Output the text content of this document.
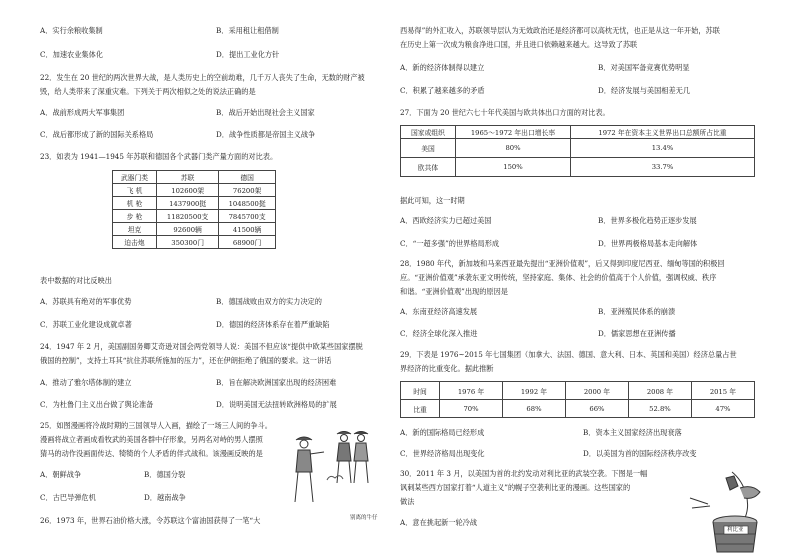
A．实行余粮收集制	B．采用租让租借制
C．加速农业集体化	D．提出工业化方针
22．发生在 20 世纪的两次世界大战，是人类历史上的空前劫难，几千万人丧失了生命，无数的财产被
毁，给人类带来了深重灾难。下列关于两次相似之处的说法正确的是
A．战前形成两大军事集团	B．战后开始出现社会主义国家
C．战后都形成了新的国际关系格局	D．战争性质都是帝国主义战争
23．如表为 1941—1945 年苏联和德国各个武器门类产量方面的对比表。
武器门类	苏联	德国
飞 机	102600架	76200架
机 枪	1437900挺	1048500挺
步 枪	11820500支	7845700支
坦克	92600辆	41500辆
迫击炮	350300门	68900门
表中数据的对比反映出
A．苏联具有绝对的军事优势	B．德国战败由双方的实力决定的
C．苏联工业化建设成就卓著	D．德国的经济体系存在着严重缺陷
24．1947 年 2 月，美国副国务卿艾奇逊对国会两党领导人说：美国不但应该“提供中欧某些国家摆脱
俄国的控制”，支持土耳其“抗住苏联所施加的压力”，还在伊朗拒绝了俄国的要求。这一讲话
A．推动了雅尔塔体制的建立	B．旨在解决欧洲国家出现的经济困难
C．为杜鲁门主义出台做了舆论准备	D．说明美国无法扭转欧洲格局的扩展
25．如图漫画将冷战时期的三国领导人入画，描绘了一场三人间的争斗。
漫画将战立者画成看牧武的美国各群中仔形象，另两名对峙的男人摆照
猜马的动作没画面传达、犄犄的个人矛盾的佯式战和。该漫画反映的是
A．朝鲜战争	B．德国分裂
C．古巴导弹危机	D．越南战争
别离的牛仔
26．1973 年，世界石油价格大涨，令苏联这个富油国获得了一笔“大
西易得”的外汇收入，苏联领导层认为无效政治还是经济都可以高枕无忧，也正是从这一年开始，苏联
在历史上第一次成为粮食净进口国，并且进口依赖越来越大。这导致了苏联
A．新的经济体制得以建立	B．对美国军备竞赛优势明显
C．积累了越来越多的矛盾	D．经济发展与美国相差无几
27．下面为 20 世纪六七十年代美国与欧共体出口方面的对比表。
国家或组织	1965～1972 年出口增长率	1972 年在资本主义世界出口总额所占比重
美国	80%	13.4%
欧共体	150%	33.7%
据此可知，这一时期
A．西欧经济实力已超过美国	B．世界多极化趋势正逐步发展
C．“一超多强”的世界格局形成	D．世界两极格局基本走向解体
28．1980 年代，新加坡和马来西亚最先提出“亚洲价值观”，后又得到印度尼西亚、缅甸等国的积极回
应。“亚洲价值观”承袭东亚文明传统，坚持家庭、集体、社会的价值高于个人价值，强调权威、秩序
和谐。“亚洲价值观”出现的原因是
A．东南亚经济高速发展	B．亚洲殖民体系的崩溃
C．经济全球化深入推进	D．儒家思想在亚洲传播
29．下表是 1976~2015 年七国集团（加拿大、法国、德国、意大利、日本、英国和美国）经济总量占世
界经济的比重变化。据此推断
时间	1976 年	1992 年	2000 年	2008 年	2015 年
比重	70%	68%	66%	52.8%	47%
A．新的国际格局已经形成	B．资本主义国家经济出现衰落
C．世界经济格局出现变化	D．以美国为首的国际经济秩序改变
30．2011 年 3 月，以美国为首的北约发动对利比亚的武装空袭。下图是一幅
讽刺某些西方国家打着“人道主义”的幌子空袭利比亚的漫画。这些国家的
做法
A．意在挑起新一轮冷战
利比亚
